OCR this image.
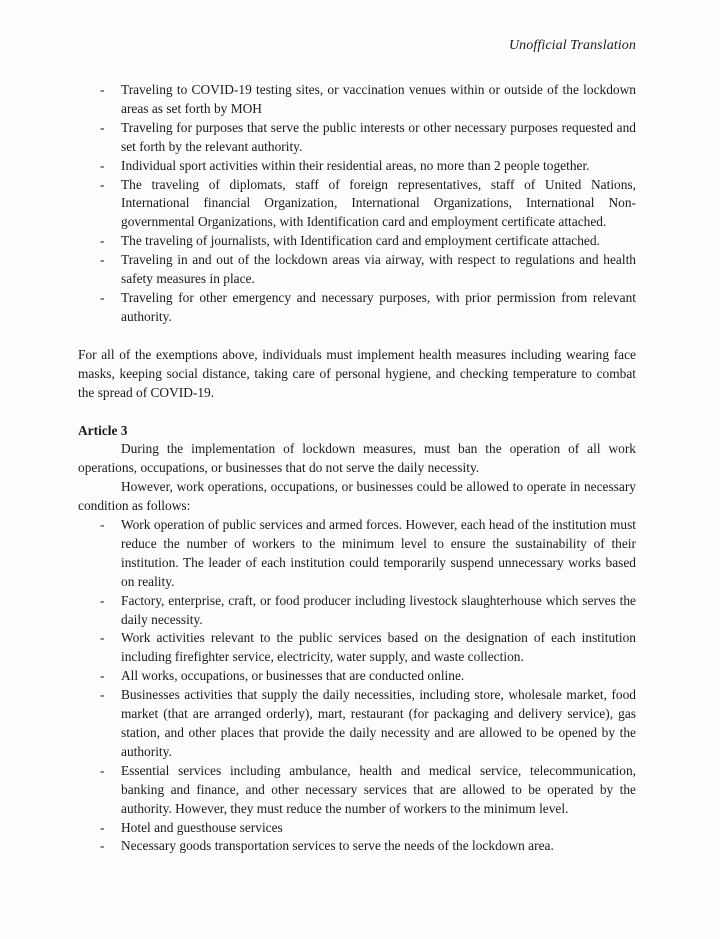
Unofficial Translation
- Traveling to COVID-19 testing sites, or vaccination venues within or outside of the lockdown areas as set forth by MOH
- Traveling for purposes that serve the public interests or other necessary purposes requested and set forth by the relevant authority.
- Individual sport activities within their residential areas, no more than 2 people together.
- The traveling of diplomats, staff of foreign representatives, staff of United Nations, International financial Organization, International Organizations, International Non-governmental Organizations, with Identification card and employment certificate attached.
- The traveling of journalists, with Identification card and employment certificate attached.
- Traveling in and out of the lockdown areas via airway, with respect to regulations and health safety measures in place.
- Traveling for other emergency and necessary purposes, with prior permission from relevant authority.

For all of the exemptions above, individuals must implement health measures including wearing face masks, keeping social distance, taking care of personal hygiene, and checking temperature to combat the spread of COVID-19.

Article 3

During the implementation of lockdown measures, must ban the operation of all work operations, occupations, or businesses that do not serve the daily necessity.

However, work operations, occupations, or businesses could be allowed to operate in necessary condition as follows:

- Work operation of public services and armed forces. However, each head of the institution must reduce the number of workers to the minimum level to ensure the sustainability of their institution. The leader of each institution could temporarily suspend unnecessary works based on reality.
- Factory, enterprise, craft, or food producer including livestock slaughterhouse which serves the daily necessity.
- Work activities relevant to the public services based on the designation of each institution including firefighter service, electricity, water supply, and waste collection.
- All works, occupations, or businesses that are conducted online.
- Businesses activities that supply the daily necessities, including store, wholesale market, food market (that are arranged orderly), mart, restaurant (for packaging and delivery service), gas station, and other places that provide the daily necessity and are allowed to be opened by the authority.
- Essential services including ambulance, health and medical service, telecommunication, banking and finance, and other necessary services that are allowed to be operated by the authority. However, they must reduce the number of workers to the minimum level.
- Hotel and guesthouse services
- Necessary goods transportation services to serve the needs of the lockdown area.
